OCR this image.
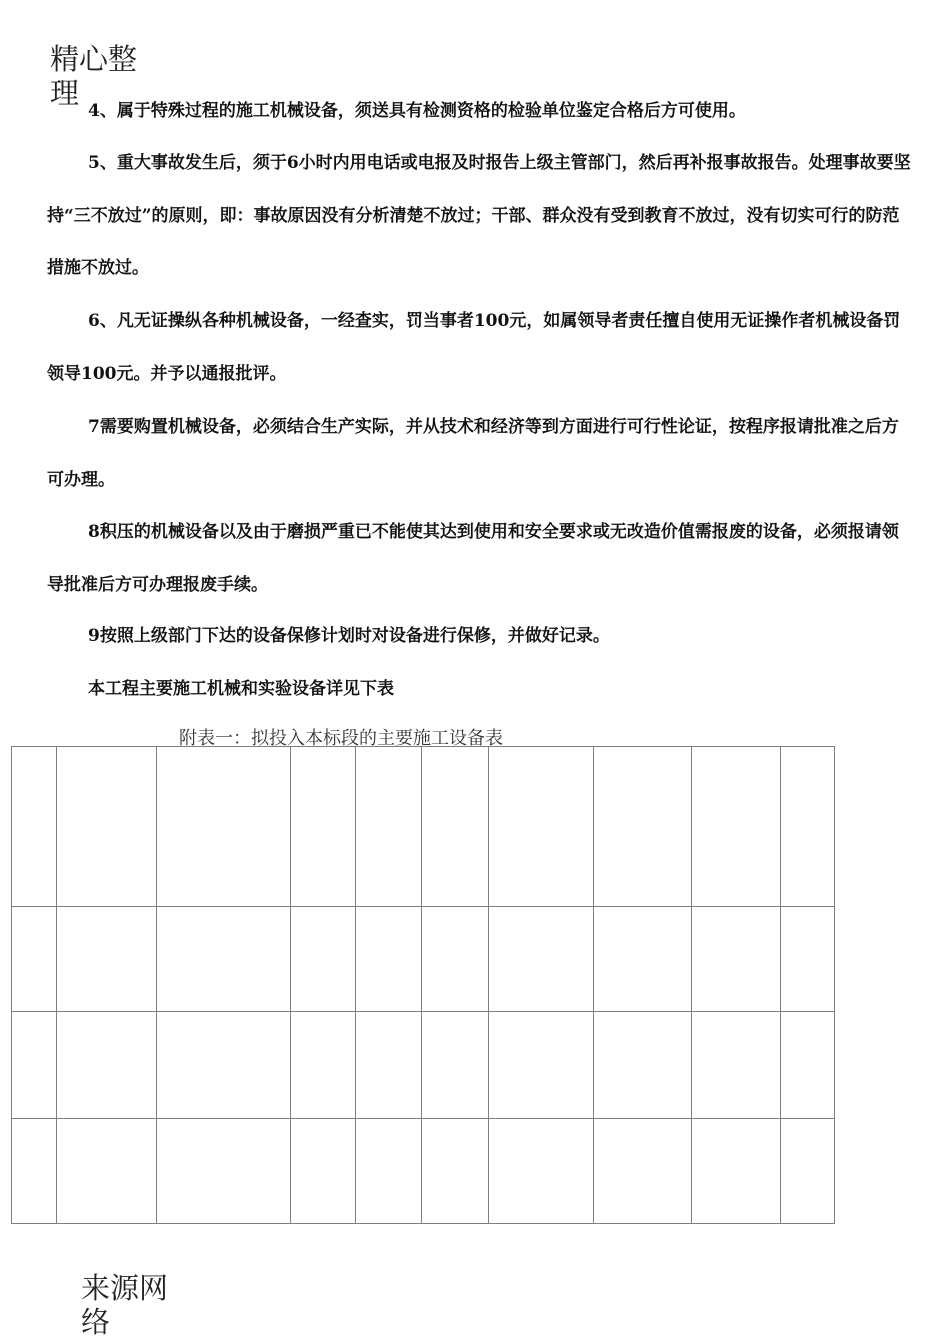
精心整理

4、属于特殊过程的施工机械设备，须送具有检测资格的检验单位鉴定合格后方可使用。

5、重大事故发生后，须于6小时内用电话或电报及时报告上级主管部门，然后再补报事故报告。处理事故要坚持“三不放过”的原则，即：事故原因没有分析清楚不放过；干部、群众没有受到教育不放过，没有切实可行的防范措施不放过。

6、凡无证操纵各种机械设备，一经查实，罚当事者100元，如属领导者责任擅自使用无证操作者机械设备罚领导100元。并予以通报批评。

7需要购置机械设备，必须结合生产实际，并从技术和经济等到方面进行可行性论证，按程序报请批准之后方可办理。

8积压的机械设备以及由于磨损严重已不能使其达到使用和安全要求或无改造价值需报废的设备，必须报请领导批准后方可办理报废手续。

9按照上级部门下达的设备保修计划时对设备进行保修，并做好记录。

本工程主要施工机械和实验设备详见下表

附表一：拟投入本标段的主要施工设备表

来源网络
